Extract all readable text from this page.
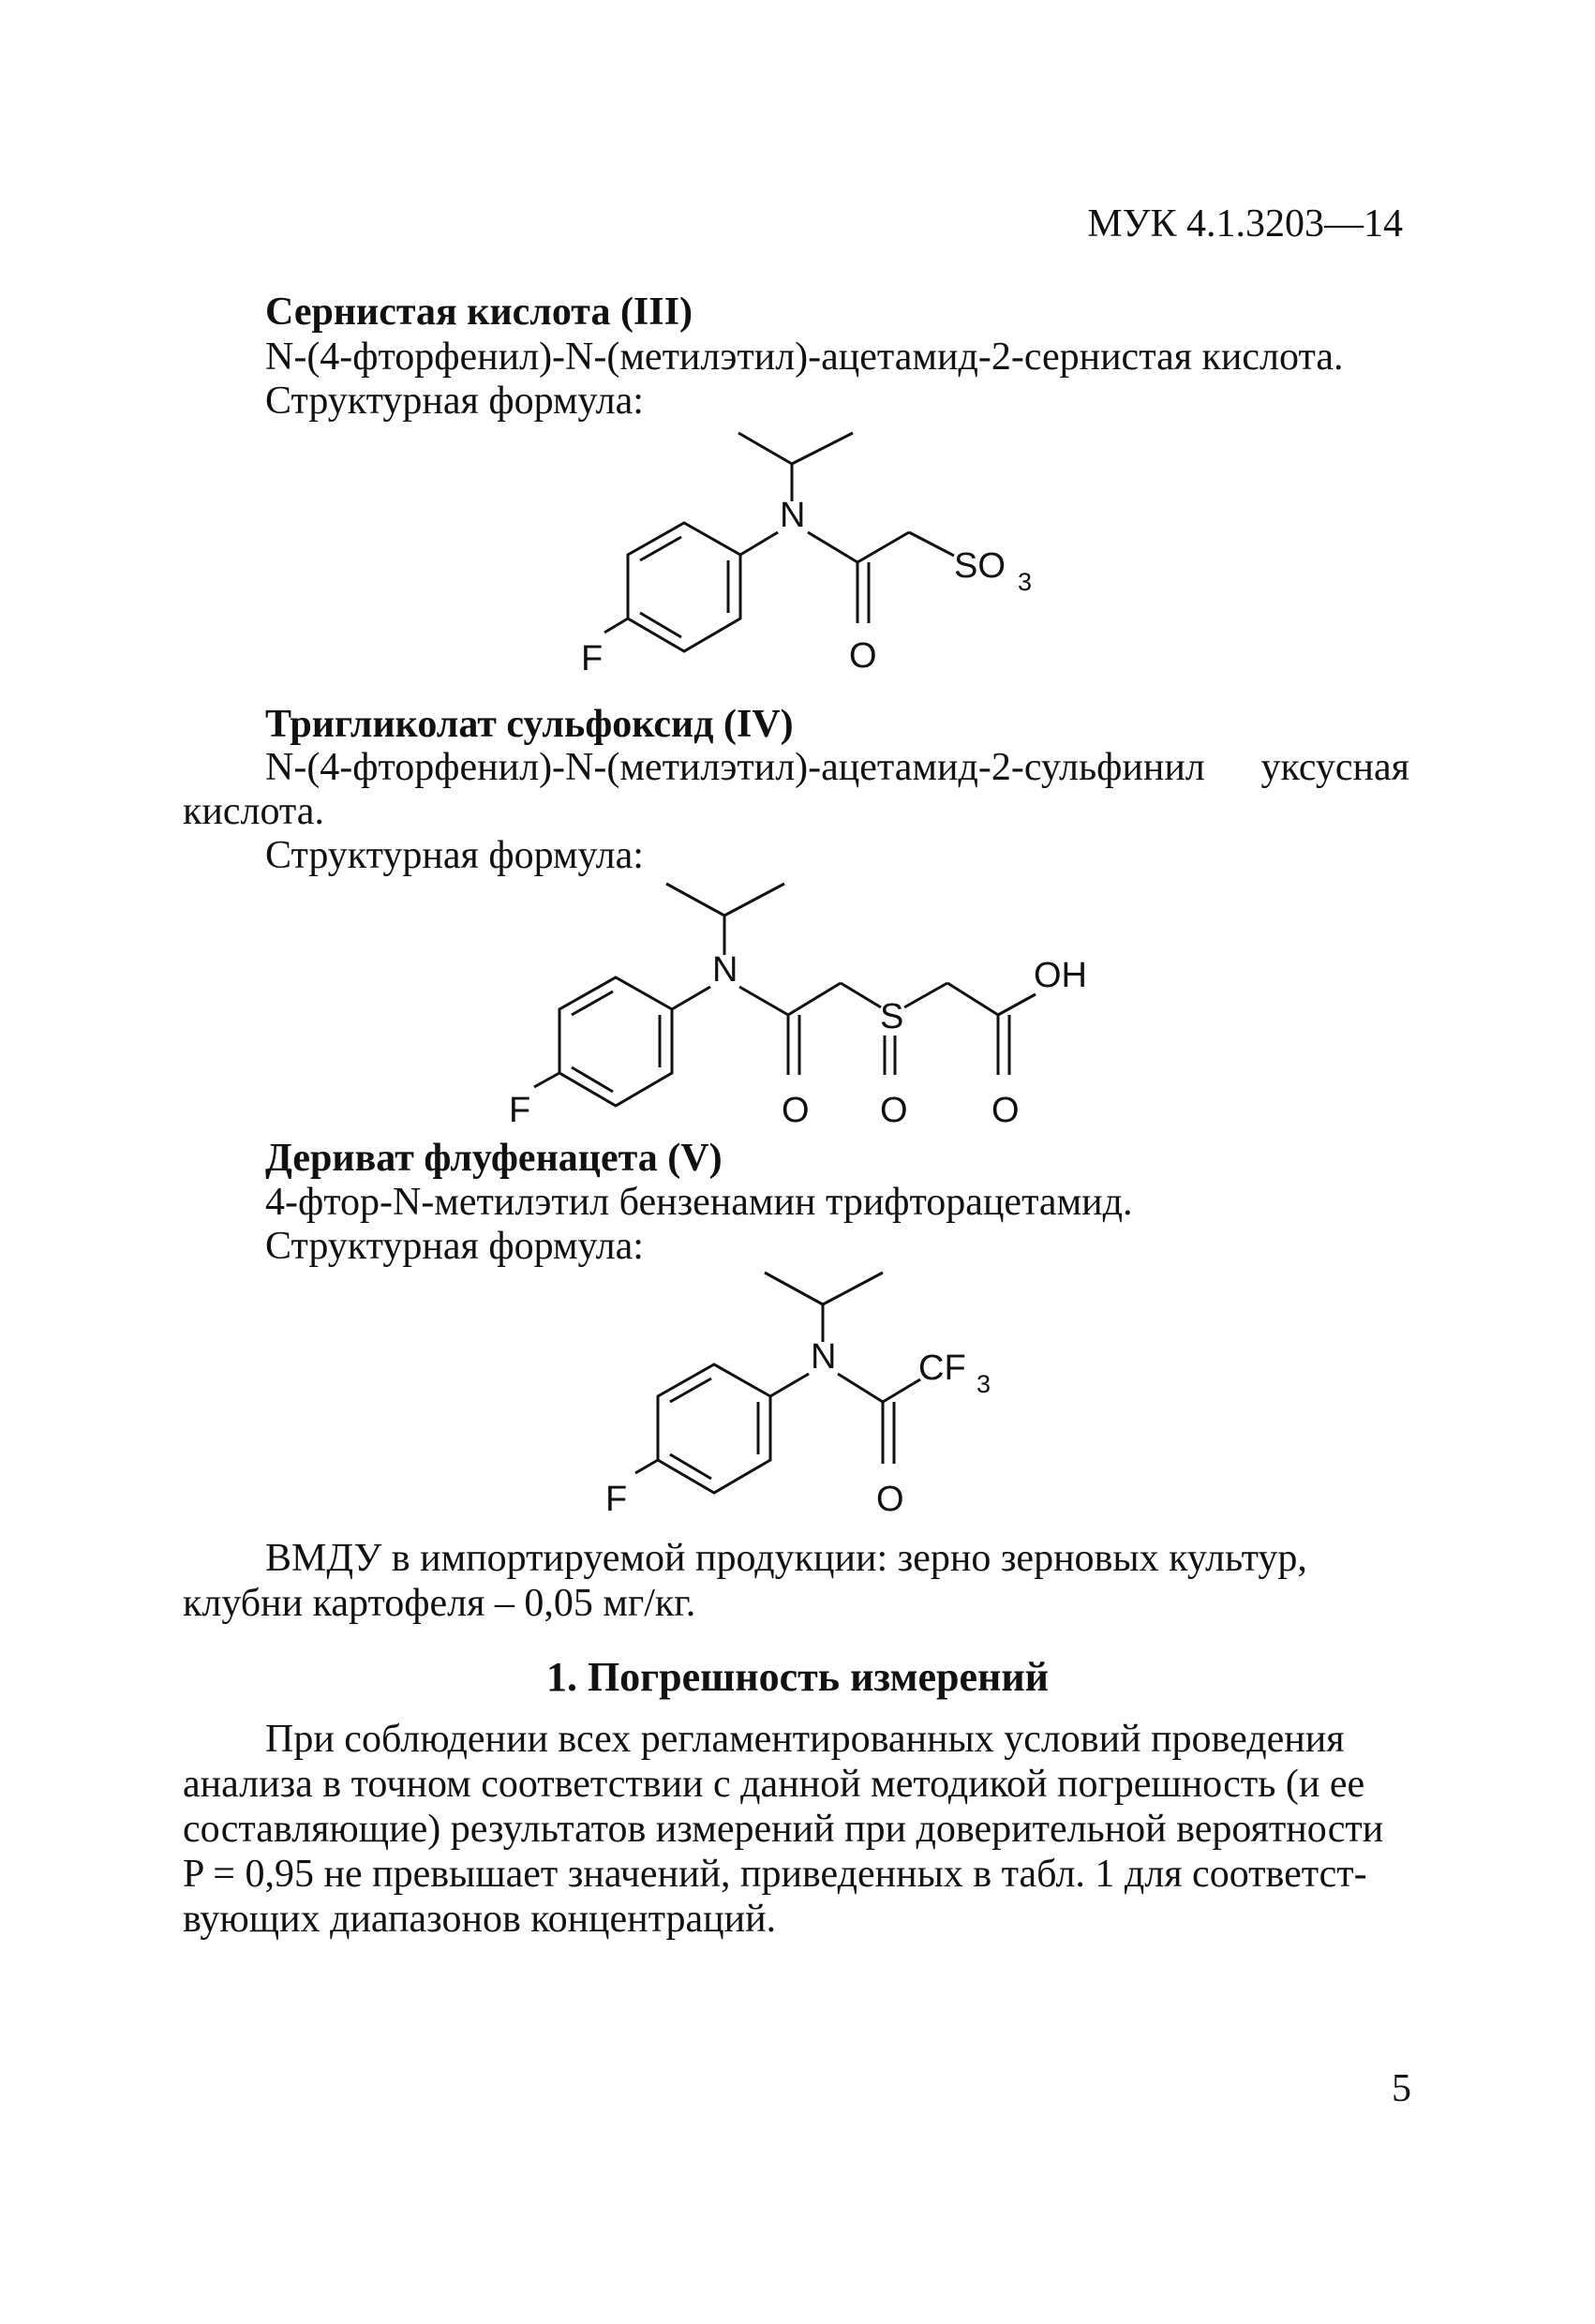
МУК 4.1.3203—14
Сернистая кислота (III)
N-(4-фторфенил)-N-(метилэтил)-ацетамид-2-сернистая кислота.
Структурная формула:
N
F	O
SO 3
Тригликолат сульфоксид (IV)
N-(4-фторфенил)-N-(метилэтил)-ацетамид-2-сульфинил уксусная
кислота.
Структурная формула:
N
F	O
S
O O
OH
Дериват флуфенацета (V)
4-фтор-N-метилэтил бензенамин трифторацетамид.
Структурная формула:
N
F	O
CF 3
ВМДУ в импортируемой продукции: зерно зерновых культур,
клубни картофеля – 0,05 мг/кг.
1. Погрешность измерений
При соблюдении всех регламентированных условий проведения
анализа в точном соответствии с данной методикой погрешность (и ее
составляющие) результатов измерений при доверительной вероятности
P = 0,95 не превышает значений, приведенных в табл. 1 для соответст-
вующих диапазонов концентраций.
5
